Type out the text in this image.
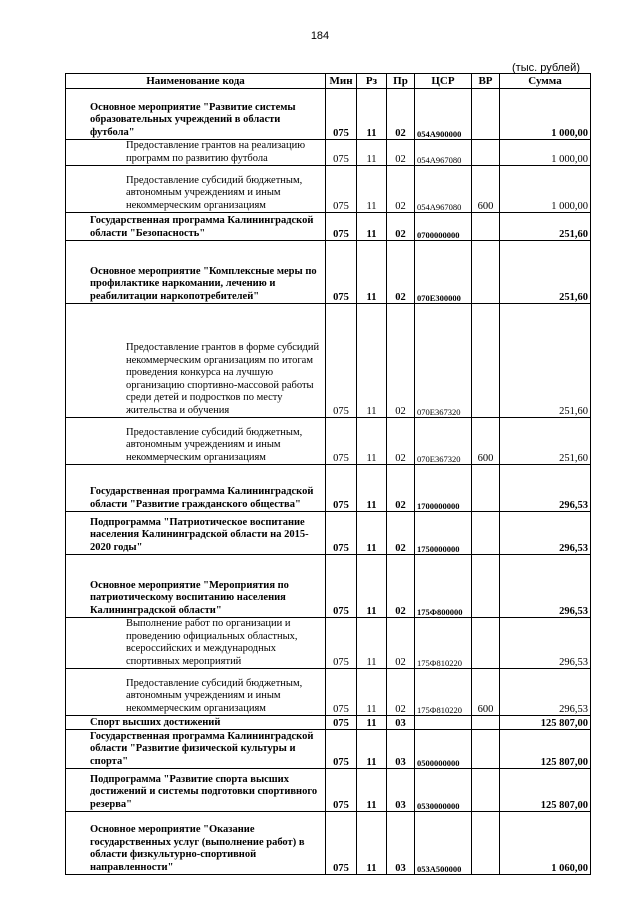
184
(тыс. рублей)
Наименование кода	Мин	Рз	Пр	ЦСР	ВР	Сумма
Основное мероприятие "Развитие системы образовательных учреждений в области футбола"	075	11	02	054А900000		1 000,00
Предоставление грантов на реализацию программ по развитию футбола	075	11	02	054А967080		1 000,00
Предоставление субсидий бюджетным, автономным учреждениям и иным некоммерческим организациям	075	11	02	054А967080	600	1 000,00
Государственная программа Калининградской области "Безопасность"	075	11	02	0700000000		251,60
Основное мероприятие "Комплексные меры по профилактике наркомании, лечению и реабилитации наркопотребителей"	075	11	02	070Е300000		251,60
Предоставление грантов в форме субсидий некоммерческим организациям по итогам проведения конкурса на лучшую организацию спортивно-массовой работы среди детей и подростков по месту жительства и обучения	075	11	02	070Е367320		251,60
Предоставление субсидий бюджетным, автономным учреждениям и иным некоммерческим организациям	075	11	02	070Е367320	600	251,60
Государственная программа Калининградской области "Развитие гражданского общества"	075	11	02	1700000000		296,53
Подпрограмма "Патриотическое воспитание населения Калининградской области на 2015-2020 годы"	075	11	02	1750000000		296,53
Основное мероприятие "Мероприятия по патриотическому воспитанию населения Калининградской области"	075	11	02	175Ф800000		296,53
Выполнение работ по организации и проведению официальных областных, всероссийских и международных спортивных мероприятий	075	11	02	175Ф810220		296,53
Предоставление субсидий бюджетным, автономным учреждениям и иным некоммерческим организациям	075	11	02	175Ф810220	600	296,53
Спорт высших достижений	075	11	03			125 807,00
Государственная программа Калининградской области "Развитие физической культуры и спорта"	075	11	03	0500000000		125 807,00
Подпрограмма "Развитие спорта высших достижений и системы подготовки спортивного резерва"	075	11	03	0530000000		125 807,00
Основное мероприятие "Оказание государственных услуг (выполнение работ) в области физкультурно-спортивной направленности"	075	11	03	053А500000		1 060,00
